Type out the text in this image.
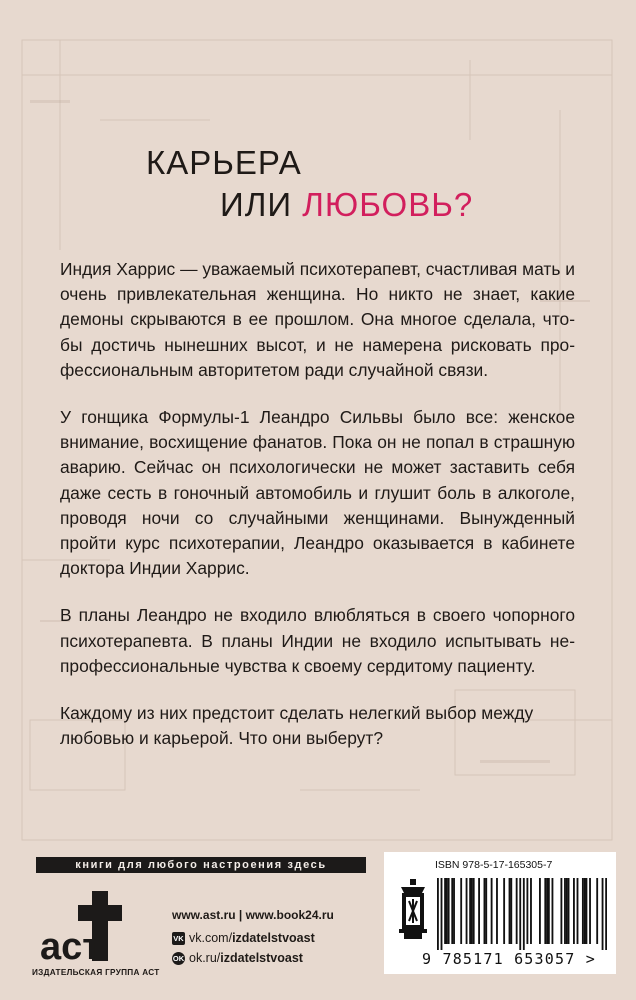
КАРЬЕРА
ИЛИ ЛЮБОВЬ?

Индия Харрис — уважаемый психотерапевт, счастливая мать и очень привлекательная женщина. Но никто не знает, какие демоны скрываются в ее прошлом. Она многое сделала, чтобы достичь нынешних высот, и не намерена рисковать профессиональным авторитетом ради случайной связи.

У гонщика Формулы-1 Леандро Сильвы было все: женское внимание, восхищение фанатов. Пока он не попал в страшную аварию. Сейчас он психологически не может заставить себя даже сесть в гоночный автомобиль и глушит боль в алкоголе, проводя ночи со случайными женщинами. Вынужденный пройти курс психотерапии, Леандро оказывается в кабинете доктора Индии Харрис.

В планы Леандро не входило влюбляться в своего чопорного психотерапевта. В планы Индии не входило испытывать непрофессиональные чувства к своему сердитому пациенту.

Каждому из них предстоит сделать нелегкий выбор между любовью и карьерой. Что они выберут?

книги для любого настроения здесь
аст
ИЗДАТЕЛЬСКАЯ ГРУППА АСТ
www.ast.ru | www.book24.ru
VK vk.com/ izdatelstvoast
OK ok.ru/ izdatelstvoast
ISBN 978-5-17-165305-7
9 785171 653057 >
